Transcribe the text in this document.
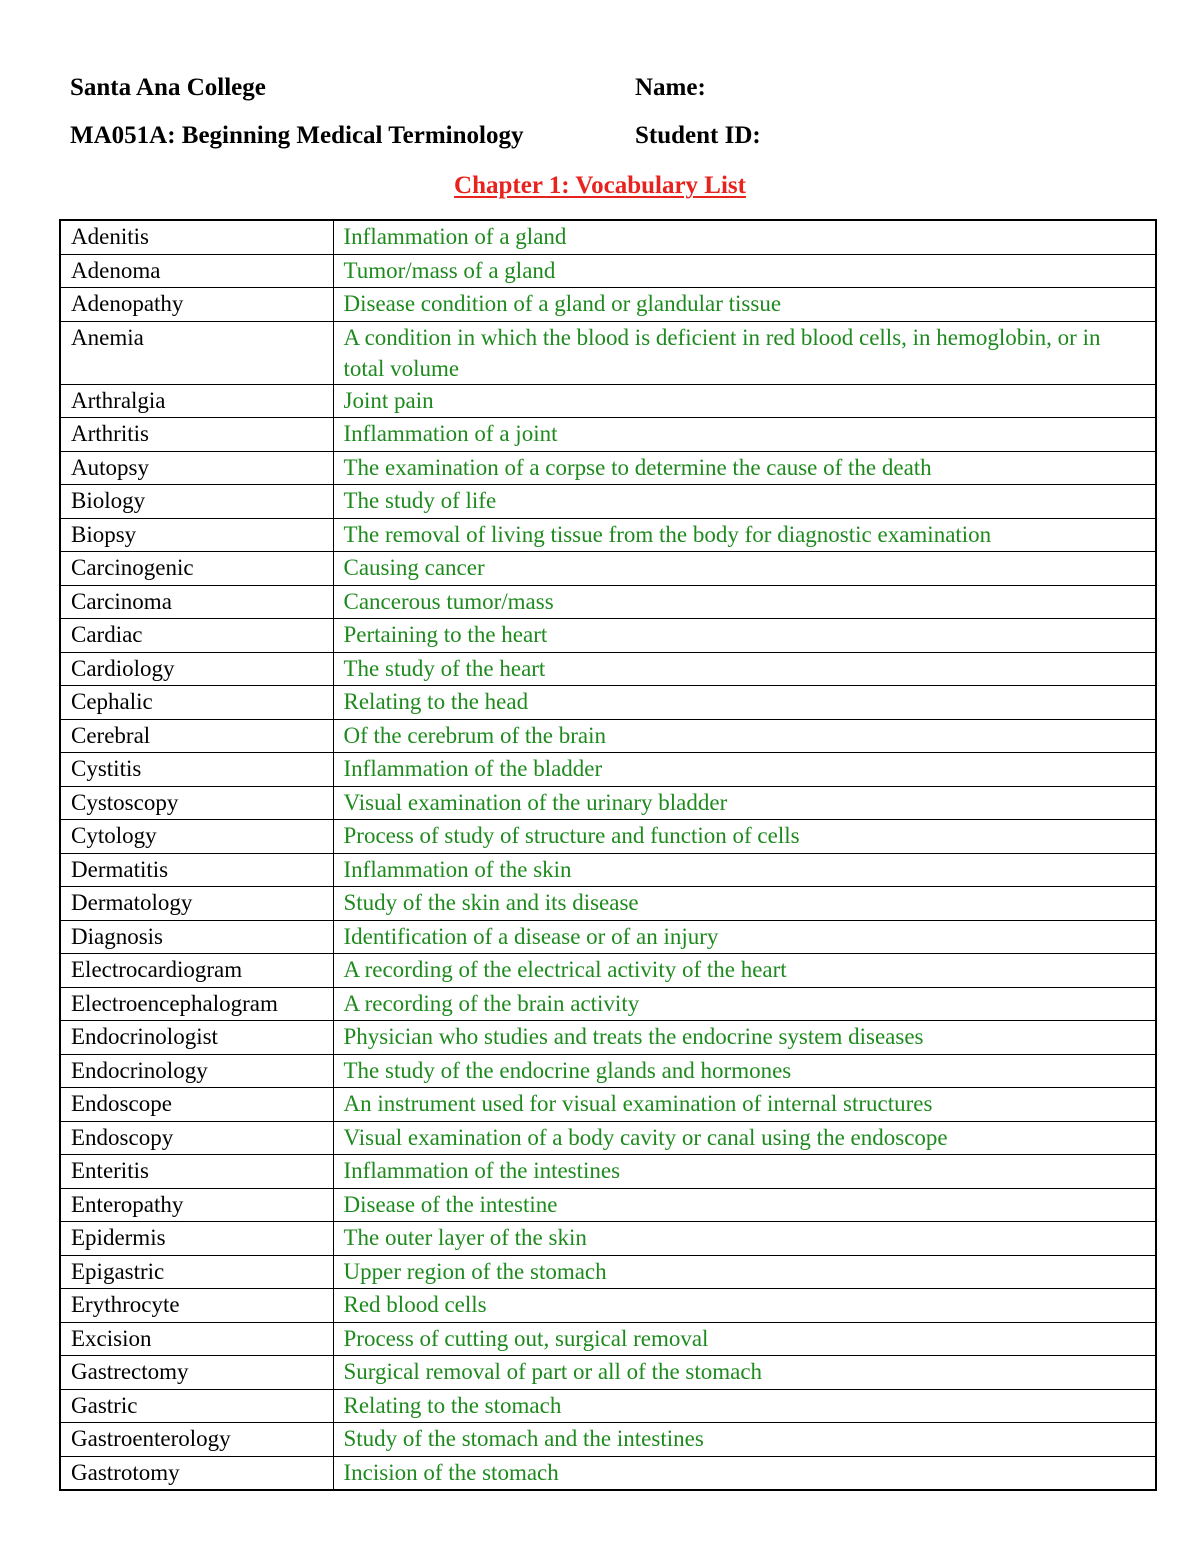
Santa Ana College	Name:
MA051A: Beginning Medical Terminology	Student ID:
Chapter 1: Vocabulary List
Adenitis	Inflammation of a gland
Adenoma	Tumor/mass of a gland
Adenopathy	Disease condition of a gland or glandular tissue
Anemia	A condition in which the blood is deficient in red blood cells, in hemoglobin, or in total volume
Arthralgia	Joint pain
Arthritis	Inflammation of a joint
Autopsy	The examination of a corpse to determine the cause of the death
Biology	The study of life
Biopsy	The removal of living tissue from the body for diagnostic examination
Carcinogenic	Causing cancer
Carcinoma	Cancerous tumor/mass
Cardiac	Pertaining to the heart
Cardiology	The study of the heart
Cephalic	Relating to the head
Cerebral	Of the cerebrum of the brain
Cystitis	Inflammation of the bladder
Cystoscopy	Visual examination of the urinary bladder
Cytology	Process of study of structure and function of cells
Dermatitis	Inflammation of the skin
Dermatology	Study of the skin and its disease
Diagnosis	Identification of a disease or of an injury
Electrocardiogram	A recording of the electrical activity of the heart
Electroencephalogram	A recording of the brain activity
Endocrinologist	Physician who studies and treats the endocrine system diseases
Endocrinology	The study of the endocrine glands and hormones
Endoscope	An instrument used for visual examination of internal structures
Endoscopy	Visual examination of a body cavity or canal using the endoscope
Enteritis	Inflammation of the intestines
Enteropathy	Disease of the intestine
Epidermis	The outer layer of the skin
Epigastric	Upper region of the stomach
Erythrocyte	Red blood cells
Excision	Process of cutting out, surgical removal
Gastrectomy	Surgical removal of part or all of the stomach
Gastric	Relating to the stomach
Gastroenterology	Study of the stomach and the intestines
Gastrotomy	Incision of the stomach
